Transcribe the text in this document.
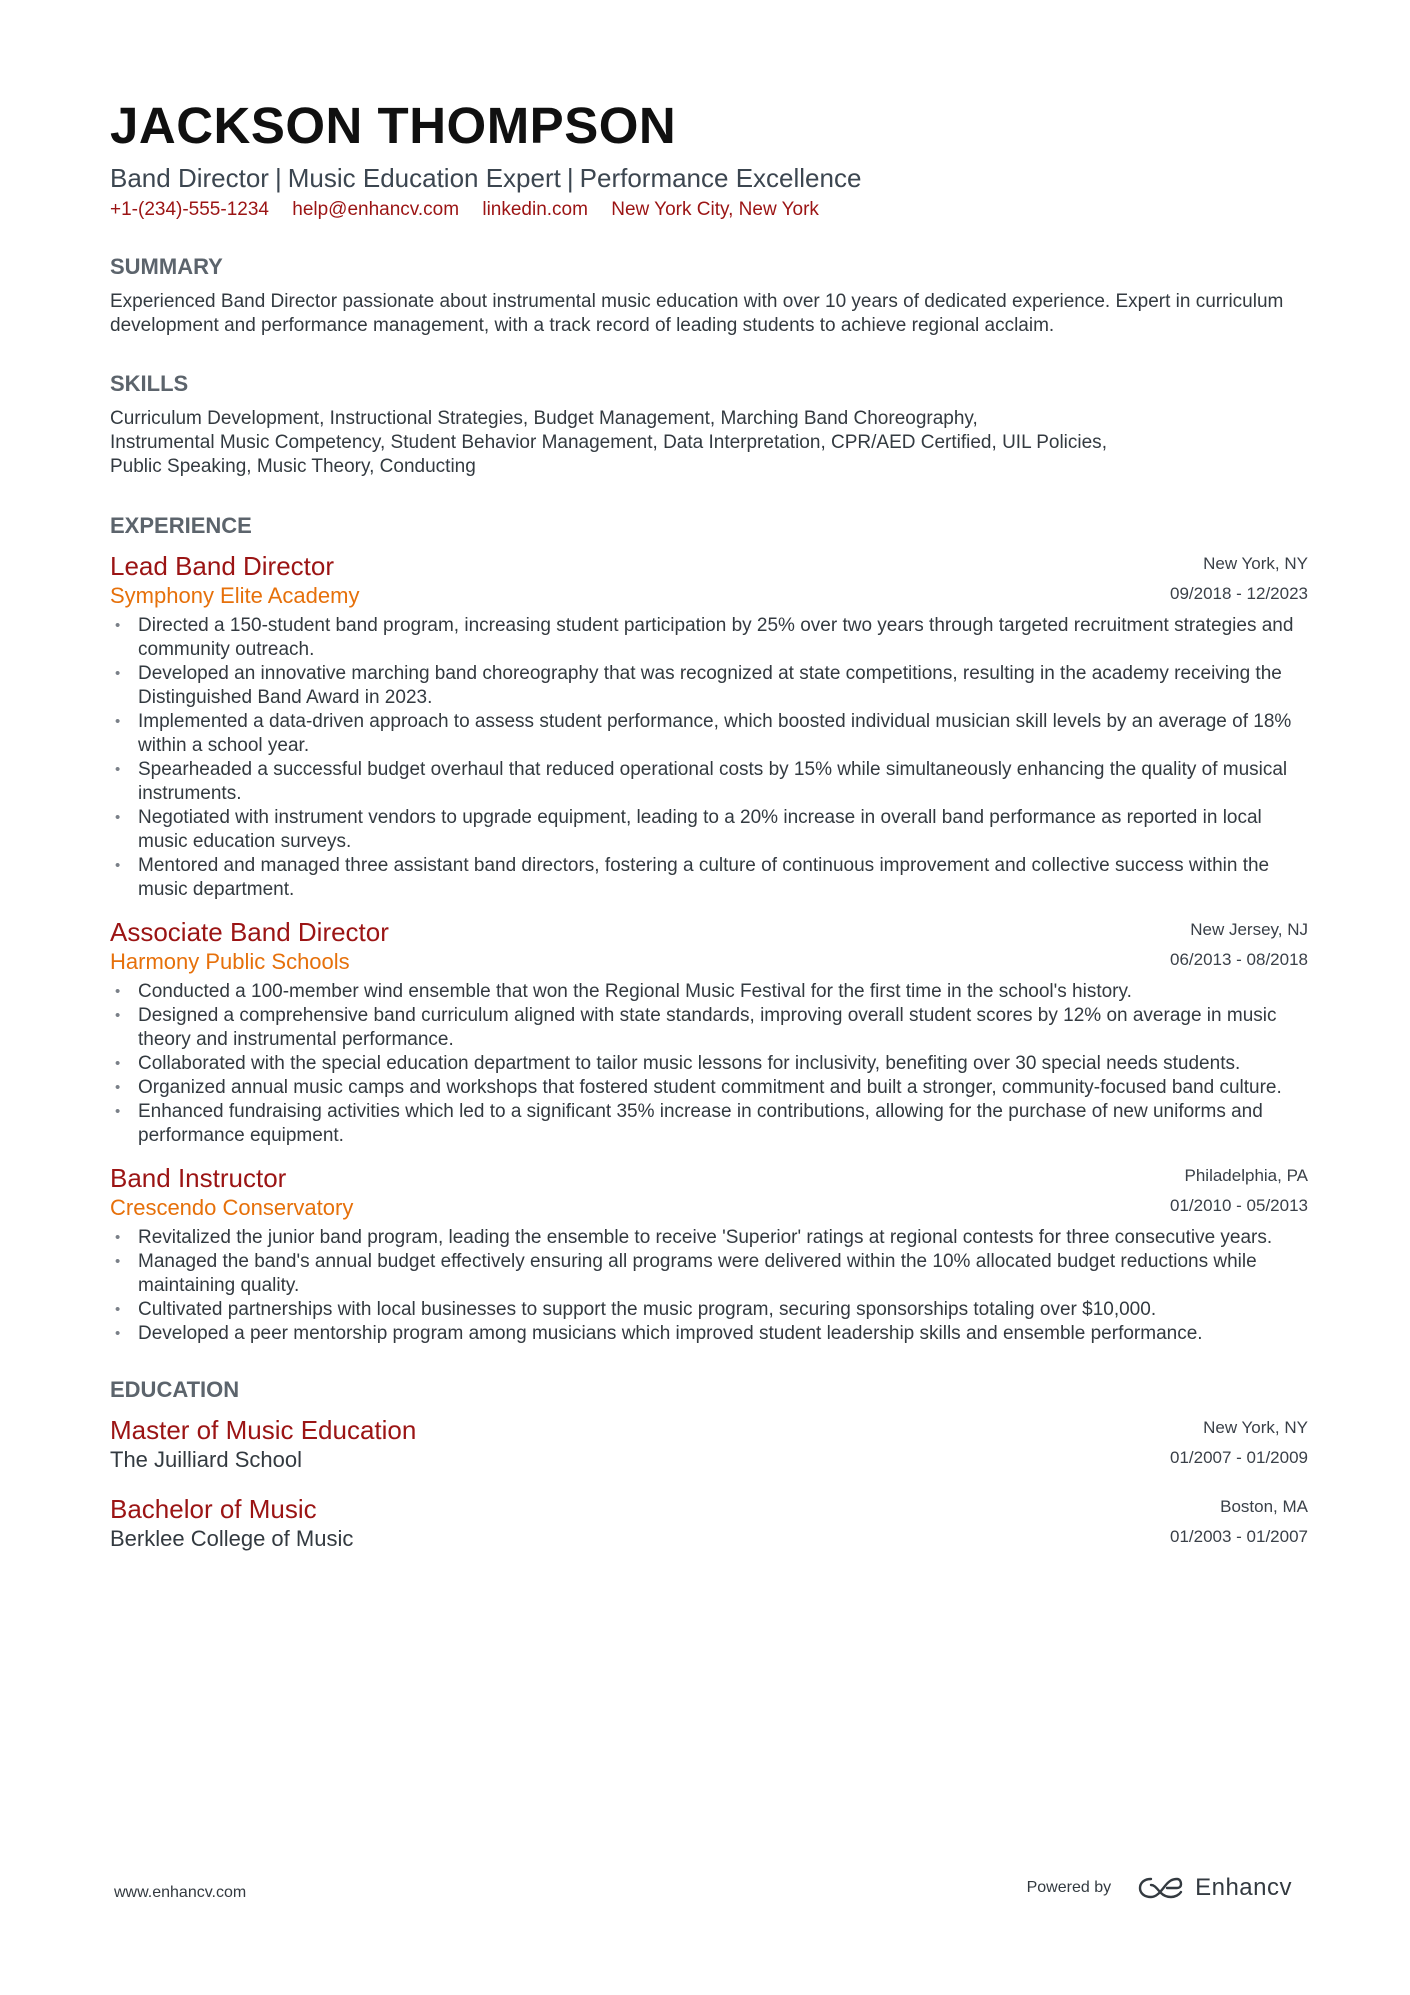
JACKSON THOMPSON
Band Director | Music Education Expert | Performance Excellence
+1-(234)-555-1234 help@enhancv.com linkedin.com New York City, New York
SUMMARY
Experienced Band Director passionate about instrumental music education with over 10 years of dedicated experience. Expert in curriculum development and performance management, with a track record of leading students to achieve regional acclaim.
SKILLS
Curriculum Development, Instructional Strategies, Budget Management, Marching Band Choreography,
Instrumental Music Competency, Student Behavior Management, Data Interpretation, CPR/AED Certified, UIL Policies,
Public Speaking, Music Theory, Conducting
EXPERIENCE
Lead Band Director
Symphony Elite Academy
New York, NY
09/2018 - 12/2023
• Directed a 150-student band program, increasing student participation by 25% over two years through targeted recruitment strategies and community outreach.
• Developed an innovative marching band choreography that was recognized at state competitions, resulting in the academy receiving the Distinguished Band Award in 2023.
• Implemented a data-driven approach to assess student performance, which boosted individual musician skill levels by an average of 18% within a school year.
• Spearheaded a successful budget overhaul that reduced operational costs by 15% while simultaneously enhancing the quality of musical instruments.
• Negotiated with instrument vendors to upgrade equipment, leading to a 20% increase in overall band performance as reported in local music education surveys.
• Mentored and managed three assistant band directors, fostering a culture of continuous improvement and collective success within the music department.
Associate Band Director
Harmony Public Schools
New Jersey, NJ
06/2013 - 08/2018
• Conducted a 100-member wind ensemble that won the Regional Music Festival for the first time in the school's history.
• Designed a comprehensive band curriculum aligned with state standards, improving overall student scores by 12% on average in music theory and instrumental performance.
• Collaborated with the special education department to tailor music lessons for inclusivity, benefiting over 30 special needs students.
• Organized annual music camps and workshops that fostered student commitment and built a stronger, community-focused band culture.
• Enhanced fundraising activities which led to a significant 35% increase in contributions, allowing for the purchase of new uniforms and performance equipment.
Band Instructor
Crescendo Conservatory
Philadelphia, PA
01/2010 - 05/2013
• Revitalized the junior band program, leading the ensemble to receive 'Superior' ratings at regional contests for three consecutive years.
• Managed the band's annual budget effectively ensuring all programs were delivered within the 10% allocated budget reductions while maintaining quality.
• Cultivated partnerships with local businesses to support the music program, securing sponsorships totaling over $10,000.
• Developed a peer mentorship program among musicians which improved student leadership skills and ensemble performance.
EDUCATION
Master of Music Education
The Juilliard School
New York, NY
01/2007 - 01/2009
Bachelor of Music
Berklee College of Music
Boston, MA
01/2003 - 01/2007
www.enhancv.com	Powered by	Enhancv
